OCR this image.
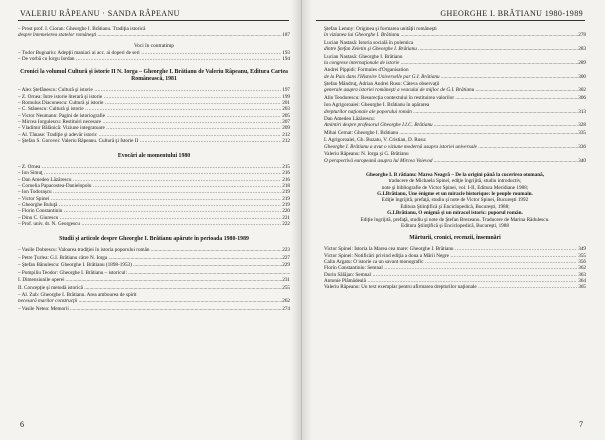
VALERIU RÂPEANU · SANDA RÂPEANU
– Prost prof. I. Cioran: Gheorghe I. Brătianu. Tradiţia istorică
despre întemeierea statelor româneşti .....	187
Voci în contratimp
– Tudor Bugnariu: Adepţii maniaci ai acc. ai doperi de seri .....	193
– De vorbă cu Iorgu Iordan .....	194
Cronici la volumul Cultură şi istorie II N. Iorga – Gheorghe I. Brătianu de Valeriu Râpeanu, Editura Cartea Românească, 1981
– Alex Ştefănescu: Cultură şi istorie .....	197
– Z. Ornea: Între istorie literară şi istorie .....	199
– Romulus Diaconescu: Cultură şi istorie .....	201
– C. Stănescu: Cultură şi istorie .....	203
– Victor Neumann: Pagini de istoriografie .....	205
– Mircea Iorgulescu: Restituiri necesare .....	207
– Vladimir Bălănică: Viziune integratoare .....	209
– Al. Tănase: Tradiţie şi adevăr istoric .....	212
– Ştefan S. Gorovei: Valeriu Râpeanu. Cultură şi Istorie II .....	212
Evocări ale momentului 1980
– Z. Ornea .....	215
– Ion Simuţ .....	216
– Dan Amedeo Lăzărescu .....	216
– Cornelia Papacostea-Danielopolu .....	218
– Ion Todoraşcu .....	219
– Victor Spinei .....	219
– Gheorghe Buluţă .....	219
– Florin Constantiniu .....	220
– Dinu C. Giurescu .....	221
– Prof. univ. dr. N. Georgescu .....	222
Studii şi articole despre Gheorghe I. Brătianu apărute în perioada 1980-1989
– Vasile Dobrescu: Valoarea tradiţiei în istoria poporului român .....	223
– Petre Ţurlea: G.I. Brătianu către N. Iorga .....	227
– Ştefan Bănulescu: Gheorghe I. Brătianu (1898-1953) .....	229
– Pompiliu Teodor: Gheorghe I. Brătianu – istoricul: .....
I. Dimensiunile operei .....	231
II. Concepţie şi metodă istorică .....	255
– Al. Zub: Gheorghe I. Brătianu. Area ambourea de spirit
necesară marilor construcţii .....	262
– Vasile Netea: Memorii .....	274
6
GHEORGHE I. BRĂTIANU 1980-1989
Ştefan Lemny: Originea şi formarea unităţii româneşti
în viziunea lui Gheorghe I. Brătianu .....	278
Lucian Nastasă: Istoria socială în polemica
dintre Ştefan Zeletin şi Gheorghe I. Brătianu .....	283
Lucian Nastasă: Gheorghe I. Brătianu
la congrese internaţionale de istorie .....	289
Andrei Pippidi: Formules d'Organisation
de la Paix dans l'Histoire Universelle par G.I. Brătianu .....	300
Ştefan Mândruţ, Adrian Andrei Rusu: Câteva observaţii
generale asupra istoriei româneşti a veacului de mijloc de G.I. Brătianu .....	302
Alin Teodorescu: Resurecţia contextului în restituirea valorilor .....	306
Ion Agrigoroaiei: Gheorghe I. Brătianu în apărarea
drepturilor naţionale ale poporului român .....	313
Dan Amedeo Lăzărescu:
Amintiri despre profesorul Gheorghe I.I.C. Brătianu .....	328
Mihai Cernat: Gheorghe I. Brătianu .....	335
I. Agrigoroaiei, Gh. Buzatu, V. Cristian, D. Rusu:
Gheorghe I. Brătianu a avut o viziune modernă asupra istoriei universale .....	336
Valeriu Râpeanu: N. Iorga şi G. Brătianu
O perspectivă europeană asupra lui Mircea Voievod .....	340
Gheorghe I. B rătianu: Marea Neagră – De la origini până la cucerirea otomană,
traducere de Michaela Spinei, ediţie îngrijită, studiu introductiv,
note şi bibliografie de Victor Spinei, vol. I-II, Editura Meridiane 1988;
G.I.Brătianu, Une énigme et un miracle historique: le peuple roumain.
Ediţie îngrijită, prefaţă, studiu şi note de Victor Spinei, Bucureşti 1992
Editura Ştiinţifică şi Enciclopedică, Bucureşti, 1988;
G.I.Brătianu, O enigmă şi un miracol istoric: poporul român.
Ediţie îngrijită, prefaţă, studiu şi note de Ştefan Brezeanu. Traducere de Marina Rădulescu.
Editura Ştiinţifică şi Enciclopedică, Bucureşti, 1988
Mărturii, cronici, recenzii, însemnări
Victor Spinei: Istoria la Marea cea mare: Gheorghe I. Brătianu .....	349
Victor Spinei: Notificări privind ediţia a doua a Mării Negre .....	355
Calin Argatu: O istorie ca un savant monografic .....	356
Florin Constantiniu: Semnal .....	362
Dorin Sălăjan: Semnal .....	363
Antonie Plămădeală .....	364
Valeriu Râpeanu: Un text exemplar pentru afirmarea drepturilor naţionale .....	365
7
